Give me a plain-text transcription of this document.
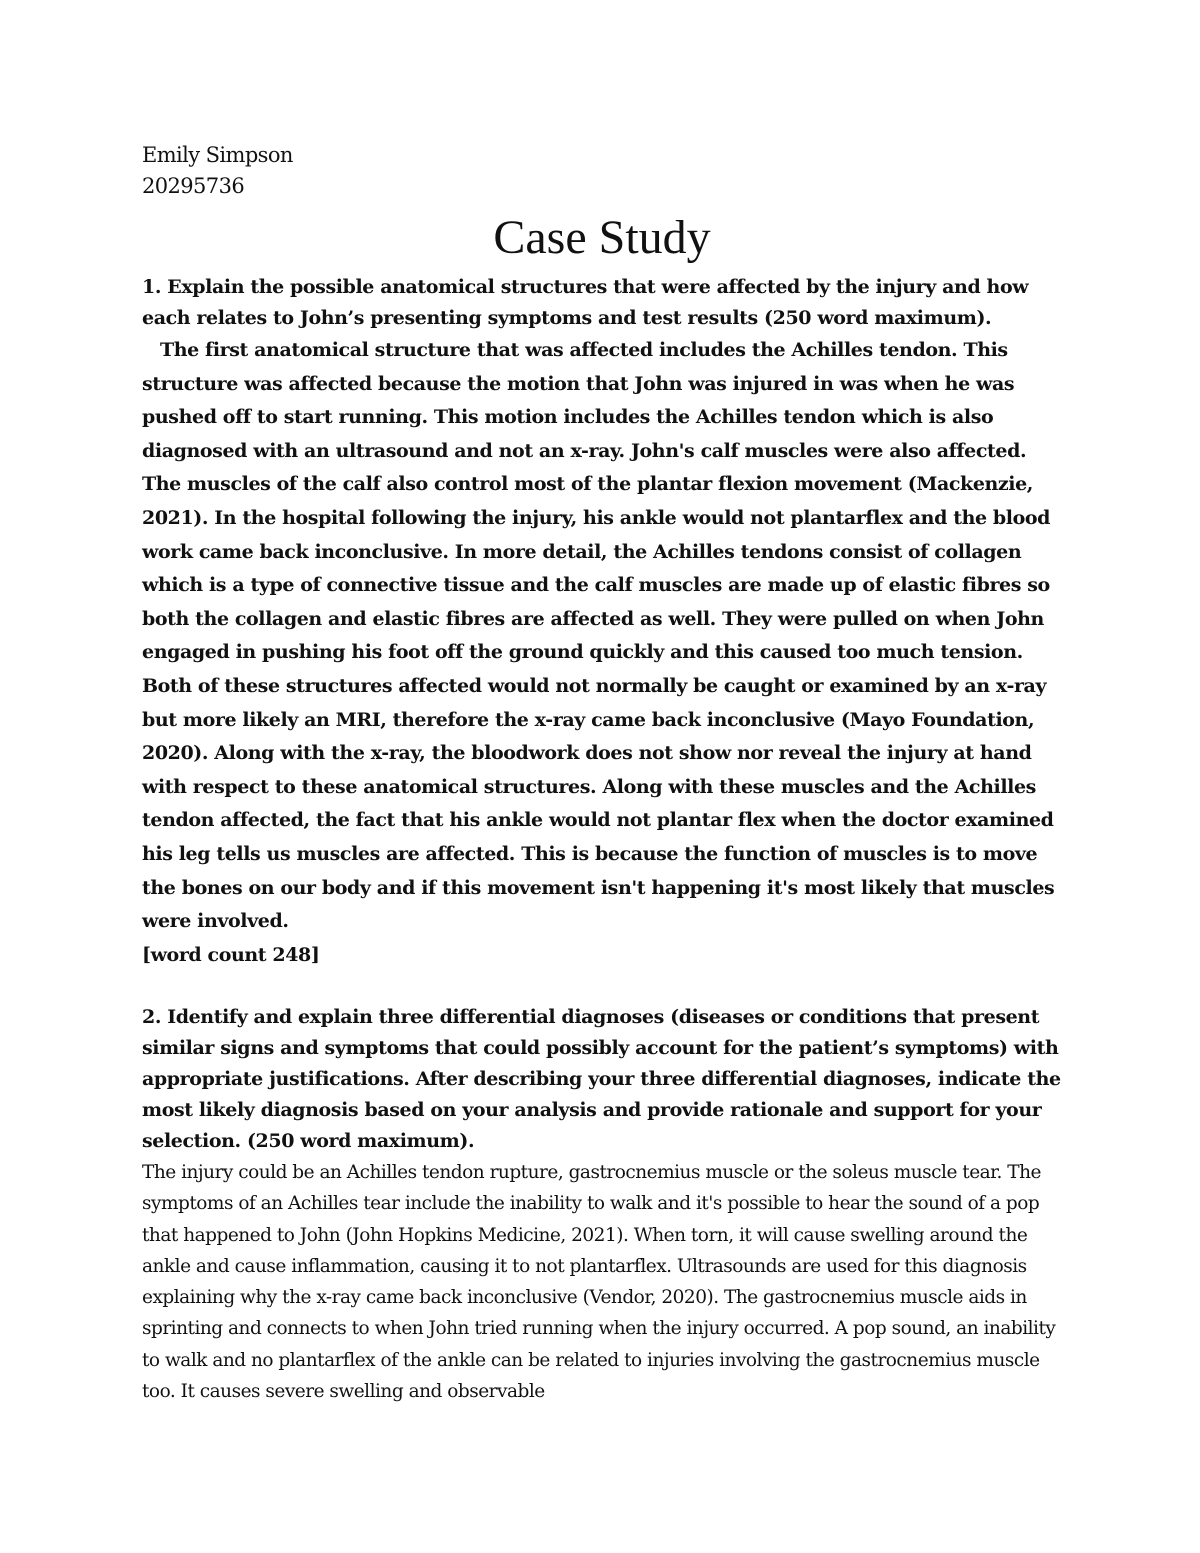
Emily Simpson
20295736
Case Study

1. Explain the possible anatomical structures that were affected by the injury and how each relates to John’s presenting symptoms and test results (250 word maximum).

The first anatomical structure that was affected includes the Achilles tendon. This structure was affected because the motion that John was injured in was when he was pushed off to start running. This motion includes the Achilles tendon which is also diagnosed with an ultrasound and not an x-ray. John's calf muscles were also affected. The muscles of the calf also control most of the plantar flexion movement (Mackenzie, 2021). In the hospital following the injury, his ankle would not plantarflex and the blood work came back inconclusive. In more detail, the Achilles tendons consist of collagen which is a type of connective tissue and the calf muscles are made up of elastic fibres so both the collagen and elastic fibres are affected as well. They were pulled on when John engaged in pushing his foot off the ground quickly and this caused too much tension. Both of these structures affected would not normally be caught or examined by an x-ray but more likely an MRI, therefore the x-ray came back inconclusive (Mayo Foundation, 2020). Along with the x-ray, the bloodwork does not show nor reveal the injury at hand with respect to these anatomical structures. Along with these muscles and the Achilles tendon affected, the fact that his ankle would not plantar flex when the doctor examined his leg tells us muscles are affected. This is because the function of muscles is to move the bones on our body and if this movement isn't happening it's most likely that muscles were involved.

[word count 248]

2. Identify and explain three differential diagnoses (diseases or conditions that present similar signs and symptoms that could possibly account for the patient’s symptoms) with appropriate justifications. After describing your three differential diagnoses, indicate the most likely diagnosis based on your analysis and provide rationale and support for your selection. (250 word maximum).

The injury could be an Achilles tendon rupture, gastrocnemius muscle or the soleus muscle tear. The symptoms of an Achilles tear include the inability to walk and it's possible to hear the sound of a pop that happened to John (John Hopkins Medicine, 2021). When torn, it will cause swelling around the ankle and cause inflammation, causing it to not plantarflex. Ultrasounds are used for this diagnosis explaining why the x-ray came back inconclusive (Vendor, 2020). The gastrocnemius muscle aids in sprinting and connects to when John tried running when the injury occurred. A pop sound, an inability to walk and no plantarflex of the ankle can be related to injuries involving the gastrocnemius muscle too. It causes severe swelling and observable
